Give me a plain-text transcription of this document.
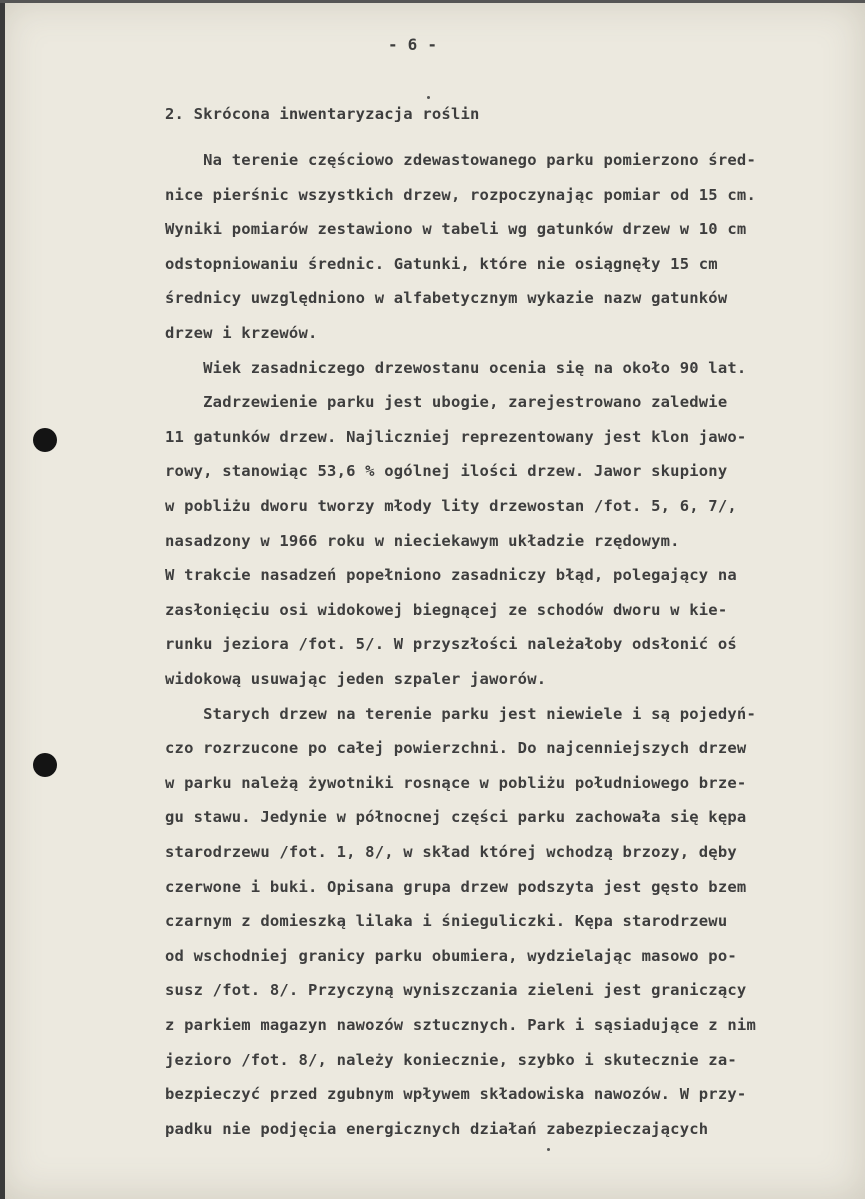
- 6 -
2. Skrócona inwentaryzacja roślin
Na terenie częściowo zdewastowanego parku pomierzono śred-
nice pierśnic wszystkich drzew, rozpoczynając pomiar od 15 cm.
Wyniki pomiarów zestawiono w tabeli wg gatunków drzew w 10 cm
odstopniowaniu średnic. Gatunki, które nie osiągnęły 15 cm
średnicy uwzględniono w alfabetycznym wykazie nazw gatunków
drzew i krzewów.
Wiek zasadniczego drzewostanu ocenia się na około 90 lat.
Zadrzewienie parku jest ubogie, zarejestrowano zaledwie
11 gatunków drzew. Najliczniej reprezentowany jest klon jawo-
rowy, stanowiąc 53,6 % ogólnej ilości drzew. Jawor skupiony
w pobliżu dworu tworzy młody lity drzewostan /fot. 5, 6, 7/,
nasadzony w 1966 roku w nieciekawym układzie rzędowym.
W trakcie nasadzeń popełniono zasadniczy błąd, polegający na
zasłonięciu osi widokowej biegnącej ze schodów dworu w kie-
runku jeziora /fot. 5/. W przyszłości należałoby odsłonić oś
widokową usuwając jeden szpaler jaworów.
Starych drzew na terenie parku jest niewiele i są pojedyń-
czo rozrzucone po całej powierzchni. Do najcenniejszych drzew
w parku należą żywotniki rosnące w pobliżu południowego brze-
gu stawu. Jedynie w północnej części parku zachowała się kępa
starodrzewu /fot. 1, 8/, w skład której wchodzą brzozy, dęby
czerwone i buki. Opisana grupa drzew podszyta jest gęsto bzem
czarnym z domieszką lilaka i śnieguliczki. Kępa starodrzewu
od wschodniej granicy parku obumiera, wydzielając masowo po-
susz /fot. 8/. Przyczyną wyniszczania zieleni jest graniczący
z parkiem magazyn nawozów sztucznych. Park i sąsiadujące z nim
jezioro /fot. 8/, należy koniecznie, szybko i skutecznie za-
bezpieczyć przed zgubnym wpływem składowiska nawozów. W przy-
padku nie podjęcia energicznych działań zabezpieczających
